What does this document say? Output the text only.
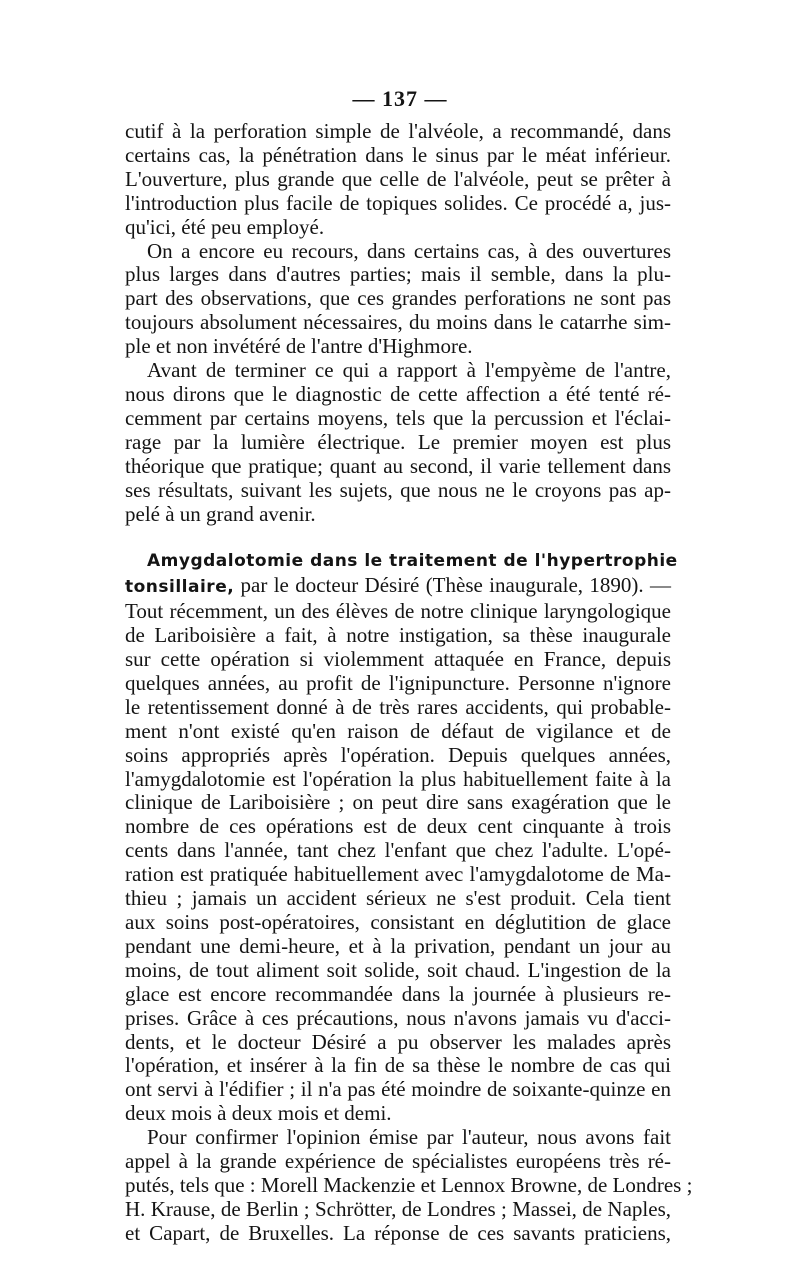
— 137 —

cutif à la perforation simple de l'alvéole, a recommandé, dans
certains cas, la pénétration dans le sinus par le méat inférieur.
L'ouverture, plus grande que celle de l'alvéole, peut se prêter à
l'introduction plus facile de topiques solides. Ce procédé a, jus-
qu'ici, été peu employé.

On a encore eu recours, dans certains cas, à des ouvertures
plus larges dans d'autres parties; mais il semble, dans la plu-
part des observations, que ces grandes perforations ne sont pas
toujours absolument nécessaires, du moins dans le catarrhe sim-
ple et non invétéré de l'antre d'Highmore.

Avant de terminer ce qui a rapport à l'empyème de l'antre,
nous dirons que le diagnostic de cette affection a été tenté ré-
cemment par certains moyens, tels que la percussion et l'éclai-
rage par la lumière électrique. Le premier moyen est plus
théorique que pratique; quant au second, il varie tellement dans
ses résultats, suivant les sujets, que nous ne le croyons pas ap-
pelé à un grand avenir.

Amygdalotomie dans le traitement de l'hypertrophie
tonsillaire, par le docteur Désiré (Thèse inaugurale, 1890). —
Tout récemment, un des élèves de notre clinique laryngologique
de Lariboisière a fait, à notre instigation, sa thèse inaugurale
sur cette opération si violemment attaquée en France, depuis
quelques années, au profit de l'ignipuncture. Personne n'ignore
le retentissement donné à de très rares accidents, qui probable-
ment n'ont existé qu'en raison de défaut de vigilance et de
soins appropriés après l'opération. Depuis quelques années,
l'amygdalotomie est l'opération la plus habituellement faite à la
clinique de Lariboisière ; on peut dire sans exagération que le
nombre de ces opérations est de deux cent cinquante à trois
cents dans l'année, tant chez l'enfant que chez l'adulte. L'opé-
ration est pratiquée habituellement avec l'amygdalotome de Ma-
thieu ; jamais un accident sérieux ne s'est produit. Cela tient
aux soins post-opératoires, consistant en déglutition de glace
pendant une demi-heure, et à la privation, pendant un jour au
moins, de tout aliment soit solide, soit chaud. L'ingestion de la
glace est encore recommandée dans la journée à plusieurs re-
prises. Grâce à ces précautions, nous n'avons jamais vu d'acci-
dents, et le docteur Désiré a pu observer les malades après
l'opération, et insérer à la fin de sa thèse le nombre de cas qui
ont servi à l'édifier ; il n'a pas été moindre de soixante-quinze en
deux mois à deux mois et demi.

Pour confirmer l'opinion émise par l'auteur, nous avons fait
appel à la grande expérience de spécialistes européens très ré-
putés, tels que : Morell Mackenzie et Lennox Browne, de Londres ;
H. Krause, de Berlin ; Schrötter, de Londres ; Massei, de Naples,
et Capart, de Bruxelles. La réponse de ces savants praticiens,
